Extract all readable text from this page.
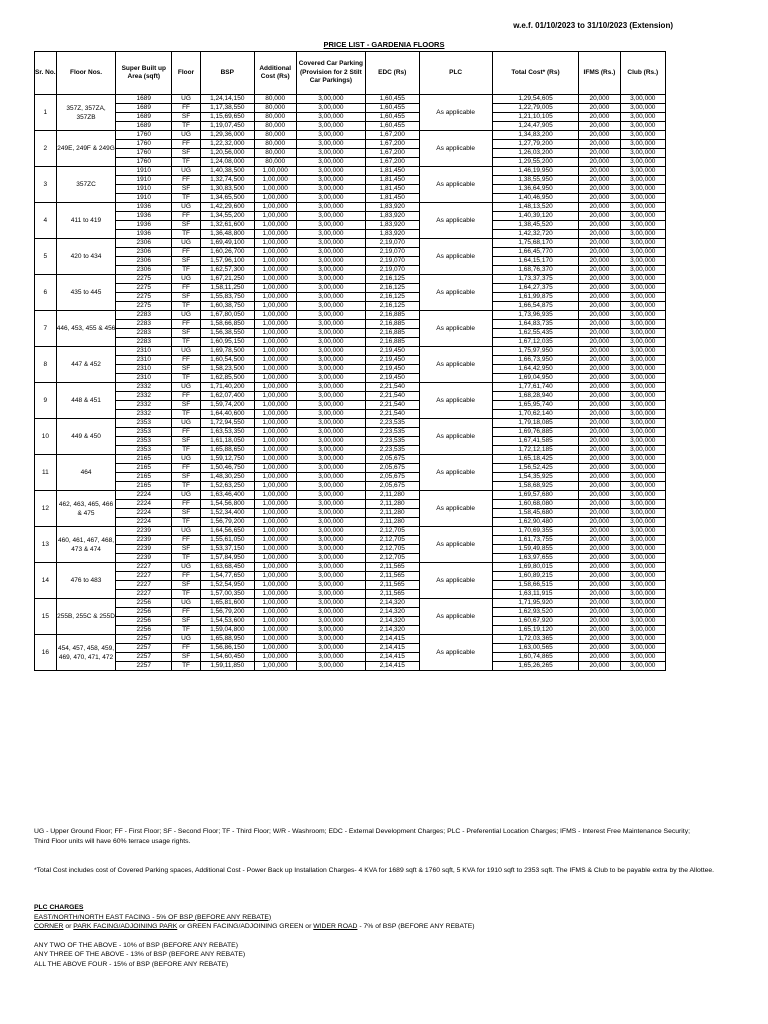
w.e.f. 01/10/2023 to 31/10/2023 (Extension)
PRICE LIST - GARDENIA FLOORS
Sr. No.	Floor Nos.	Super Built up Area (sqft)	Floor	BSP	Additional Cost (Rs)	Covered Car Parking (Provision for 2 Stilt Car Parkings)	EDC (Rs)	PLC	Total Cost* (Rs)	IFMS (Rs.)	Club (Rs.)
1	357Z, 357ZA, 357ZB	1689	UG	1,24,14,150	80,000	3,00,000	1,60,455	As applicable	1,29,54,605	20,000	3,00,000
		1689	FF	1,17,38,550	80,000	3,00,000	1,60,455		1,22,79,005	20,000	3,00,000
		1689	SF	1,15,69,650	80,000	3,00,000	1,60,455		1,21,10,105	20,000	3,00,000
		1689	TF	1,19,07,450	80,000	3,00,000	1,60,455		1,24,47,905	20,000	3,00,000
2	249E, 249F & 249G	1760	UG	1,29,36,000	80,000	3,00,000	1,67,200	As applicable	1,34,83,200	20,000	3,00,000
		1760	FF	1,22,32,000	80,000	3,00,000	1,67,200		1,27,79,200	20,000	3,00,000
		1760	SF	1,20,56,000	80,000	3,00,000	1,67,200		1,26,03,200	20,000	3,00,000
		1760	TF	1,24,08,000	80,000	3,00,000	1,67,200		1,29,55,200	20,000	3,00,000
3	357ZC	1910	UG	1,40,38,500	1,00,000	3,00,000	1,81,450	As applicable	1,46,19,950	20,000	3,00,000
		1910	FF	1,32,74,500	1,00,000	3,00,000	1,81,450		1,38,55,950	20,000	3,00,000
		1910	SF	1,30,83,500	1,00,000	3,00,000	1,81,450		1,36,64,950	20,000	3,00,000
		1910	TF	1,34,65,500	1,00,000	3,00,000	1,81,450		1,40,46,950	20,000	3,00,000
4	411 to 419	1936	UG	1,42,29,600	1,00,000	3,00,000	1,83,920	As applicable	1,48,13,520	20,000	3,00,000
		1936	FF	1,34,55,200	1,00,000	3,00,000	1,83,920		1,40,39,120	20,000	3,00,000
		1936	SF	1,32,61,600	1,00,000	3,00,000	1,83,920		1,38,45,520	20,000	3,00,000
		1936	TF	1,36,48,800	1,00,000	3,00,000	1,83,920		1,42,32,720	20,000	3,00,000
5	420 to 434	2306	UG	1,69,49,100	1,00,000	3,00,000	2,19,070	As applicable	1,75,68,170	20,000	3,00,000
		2306	FF	1,60,26,700	1,00,000	3,00,000	2,19,070		1,66,45,770	20,000	3,00,000
		2306	SF	1,57,96,100	1,00,000	3,00,000	2,19,070		1,64,15,170	20,000	3,00,000
		2306	TF	1,62,57,300	1,00,000	3,00,000	2,19,070		1,68,76,370	20,000	3,00,000
6	435 to 445	2275	UG	1,67,21,250	1,00,000	3,00,000	2,16,125	As applicable	1,73,37,375	20,000	3,00,000
		2275	FF	1,58,11,250	1,00,000	3,00,000	2,16,125		1,64,27,375	20,000	3,00,000
		2275	SF	1,55,83,750	1,00,000	3,00,000	2,16,125		1,61,99,875	20,000	3,00,000
		2275	TF	1,60,38,750	1,00,000	3,00,000	2,16,125		1,66,54,875	20,000	3,00,000
7	446, 453, 455 & 456	2283	UG	1,67,80,050	1,00,000	3,00,000	2,16,885	As applicable	1,73,96,935	20,000	3,00,000
		2283	FF	1,58,66,850	1,00,000	3,00,000	2,16,885		1,64,83,735	20,000	3,00,000
		2283	SF	1,56,38,550	1,00,000	3,00,000	2,16,885		1,62,55,435	20,000	3,00,000
		2283	TF	1,60,95,150	1,00,000	3,00,000	2,16,885		1,67,12,035	20,000	3,00,000
8	447 & 452	2310	UG	1,69,78,500	1,00,000	3,00,000	2,19,450	As applicable	1,75,97,950	20,000	3,00,000
		2310	FF	1,60,54,500	1,00,000	3,00,000	2,19,450		1,66,73,950	20,000	3,00,000
		2310	SF	1,58,23,500	1,00,000	3,00,000	2,19,450		1,64,42,950	20,000	3,00,000
		2310	TF	1,62,85,500	1,00,000	3,00,000	2,19,450		1,69,04,950	20,000	3,00,000
9	448 & 451	2332	UG	1,71,40,200	1,00,000	3,00,000	2,21,540	As applicable	1,77,61,740	20,000	3,00,000
		2332	FF	1,62,07,400	1,00,000	3,00,000	2,21,540		1,68,28,940	20,000	3,00,000
		2332	SF	1,59,74,200	1,00,000	3,00,000	2,21,540		1,65,95,740	20,000	3,00,000
		2332	TF	1,64,40,600	1,00,000	3,00,000	2,21,540		1,70,62,140	20,000	3,00,000
10	449 & 450	2353	UG	1,72,94,550	1,00,000	3,00,000	2,23,535	As applicable	1,79,18,085	20,000	3,00,000
		2353	FF	1,63,53,350	1,00,000	3,00,000	2,23,535		1,69,76,885	20,000	3,00,000
		2353	SF	1,61,18,050	1,00,000	3,00,000	2,23,535		1,67,41,585	20,000	3,00,000
		2353	TF	1,65,88,650	1,00,000	3,00,000	2,23,535		1,72,12,185	20,000	3,00,000
11	464	2165	UG	1,59,12,750	1,00,000	3,00,000	2,05,675	As applicable	1,65,18,425	20,000	3,00,000
		2165	FF	1,50,46,750	1,00,000	3,00,000	2,05,675		1,56,52,425	20,000	3,00,000
		2165	SF	1,48,30,250	1,00,000	3,00,000	2,05,675		1,54,35,925	20,000	3,00,000
		2165	TF	1,52,63,250	1,00,000	3,00,000	2,05,675		1,58,68,925	20,000	3,00,000
12	462, 463, 465, 466 & 475	2224	UG	1,63,46,400	1,00,000	3,00,000	2,11,280	As applicable	1,69,57,680	20,000	3,00,000
		2224	FF	1,54,56,800	1,00,000	3,00,000	2,11,280		1,60,68,080	20,000	3,00,000
		2224	SF	1,52,34,400	1,00,000	3,00,000	2,11,280		1,58,45,680	20,000	3,00,000
		2224	TF	1,56,79,200	1,00,000	3,00,000	2,11,280		1,62,90,480	20,000	3,00,000
13	460, 461, 467, 468, 473 & 474	2239	UG	1,64,56,650	1,00,000	3,00,000	2,12,705	As applicable	1,70,69,355	20,000	3,00,000
		2239	FF	1,55,61,050	1,00,000	3,00,000	2,12,705		1,61,73,755	20,000	3,00,000
		2239	SF	1,53,37,150	1,00,000	3,00,000	2,12,705		1,59,49,855	20,000	3,00,000
		2239	TF	1,57,84,950	1,00,000	3,00,000	2,12,705		1,63,97,655	20,000	3,00,000
14	476 to 483	2227	UG	1,63,68,450	1,00,000	3,00,000	2,11,565	As applicable	1,69,80,015	20,000	3,00,000
		2227	FF	1,54,77,650	1,00,000	3,00,000	2,11,565		1,60,89,215	20,000	3,00,000
		2227	SF	1,52,54,950	1,00,000	3,00,000	2,11,565		1,58,66,515	20,000	3,00,000
		2227	TF	1,57,00,350	1,00,000	3,00,000	2,11,565		1,63,11,915	20,000	3,00,000
15	255B, 255C & 255D	2256	UG	1,65,81,600	1,00,000	3,00,000	2,14,320	As applicable	1,71,95,920	20,000	3,00,000
		2256	FF	1,56,79,200	1,00,000	3,00,000	2,14,320		1,62,93,520	20,000	3,00,000
		2256	SF	1,54,53,600	1,00,000	3,00,000	2,14,320		1,60,67,920	20,000	3,00,000
		2256	TF	1,59,04,800	1,00,000	3,00,000	2,14,320		1,65,19,120	20,000	3,00,000
16	454, 457, 458, 459, 469, 470, 471, 472	2257	UG	1,65,88,950	1,00,000	3,00,000	2,14,415	As applicable	1,72,03,365	20,000	3,00,000
		2257	FF	1,56,86,150	1,00,000	3,00,000	2,14,415		1,63,00,565	20,000	3,00,000
		2257	SF	1,54,60,450	1,00,000	3,00,000	2,14,415		1,60,74,865	20,000	3,00,000
		2257	TF	1,59,11,850	1,00,000	3,00,000	2,14,415		1,65,26,265	20,000	3,00,000
UG - Upper Ground Floor; FF - First Floor; SF - Second Floor; TF - Third Floor; W/R - Washroom; EDC - External Development Charges; PLC - Preferential Location Charges; IFMS - Interest Free Maintenance Security;
Third Floor units will have 60% terrace usage rights.
*Total Cost includes cost of Covered Parking spaces, Additional Cost - Power Back up Installation Charges- 4 KVA for 1689 sqft & 1760 sqft, 5 KVA for 1910 sqft to 2353 sqft. The IFMS & Club to be payable extra by the Allottee.
PLC CHARGES
EAST/NORTH/NORTH EAST FACING - 5% OF BSP (BEFORE ANY REBATE)
CORNER or PARK FACING/ADJOINING PARK or GREEN FACING/ADJOINING GREEN or WIDER ROAD - 7% of BSP (BEFORE ANY REBATE)
ANY TWO OF THE ABOVE - 10% of BSP (BEFORE ANY REBATE)
ANY THREE OF THE ABOVE - 13% of BSP (BEFORE ANY REBATE)
ALL THE ABOVE FOUR - 15% of BSP (BEFORE ANY REBATE)
